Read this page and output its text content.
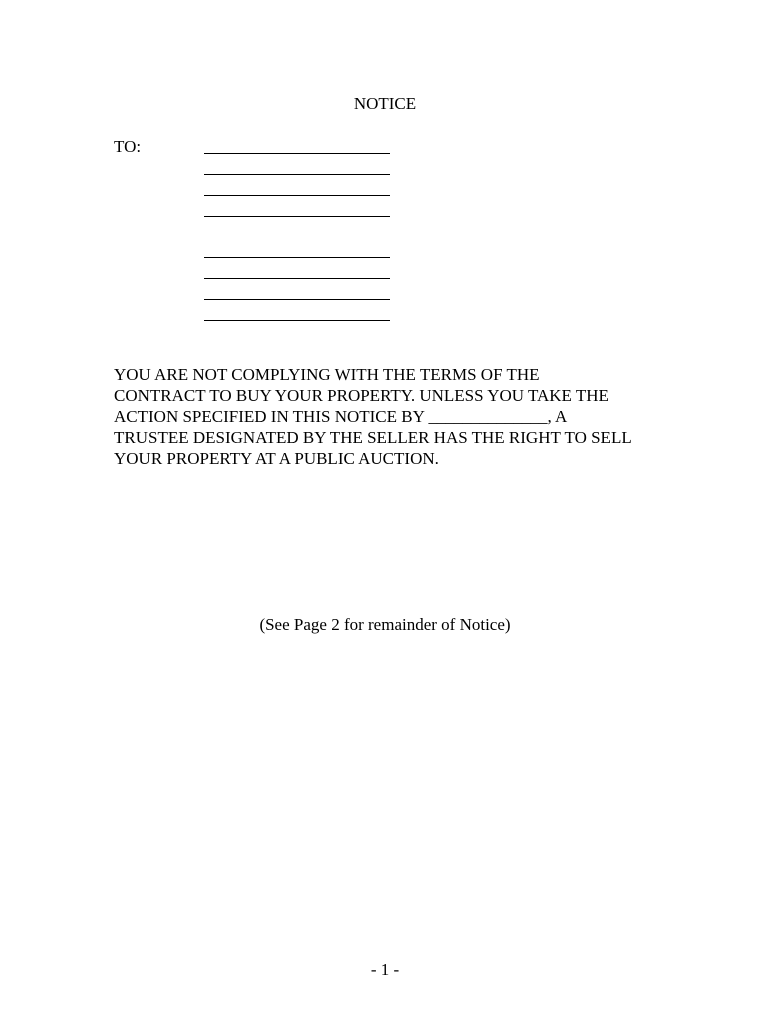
NOTICE
TO:
YOU ARE NOT COMPLYING WITH THE TERMS OF THE
CONTRACT TO BUY YOUR PROPERTY. UNLESS YOU TAKE THE
ACTION SPECIFIED IN THIS NOTICE BY ______________, A
TRUSTEE DESIGNATED BY THE SELLER HAS THE RIGHT TO SELL
YOUR PROPERTY AT A PUBLIC AUCTION.
(See Page 2 for remainder of Notice)
- 1 -
